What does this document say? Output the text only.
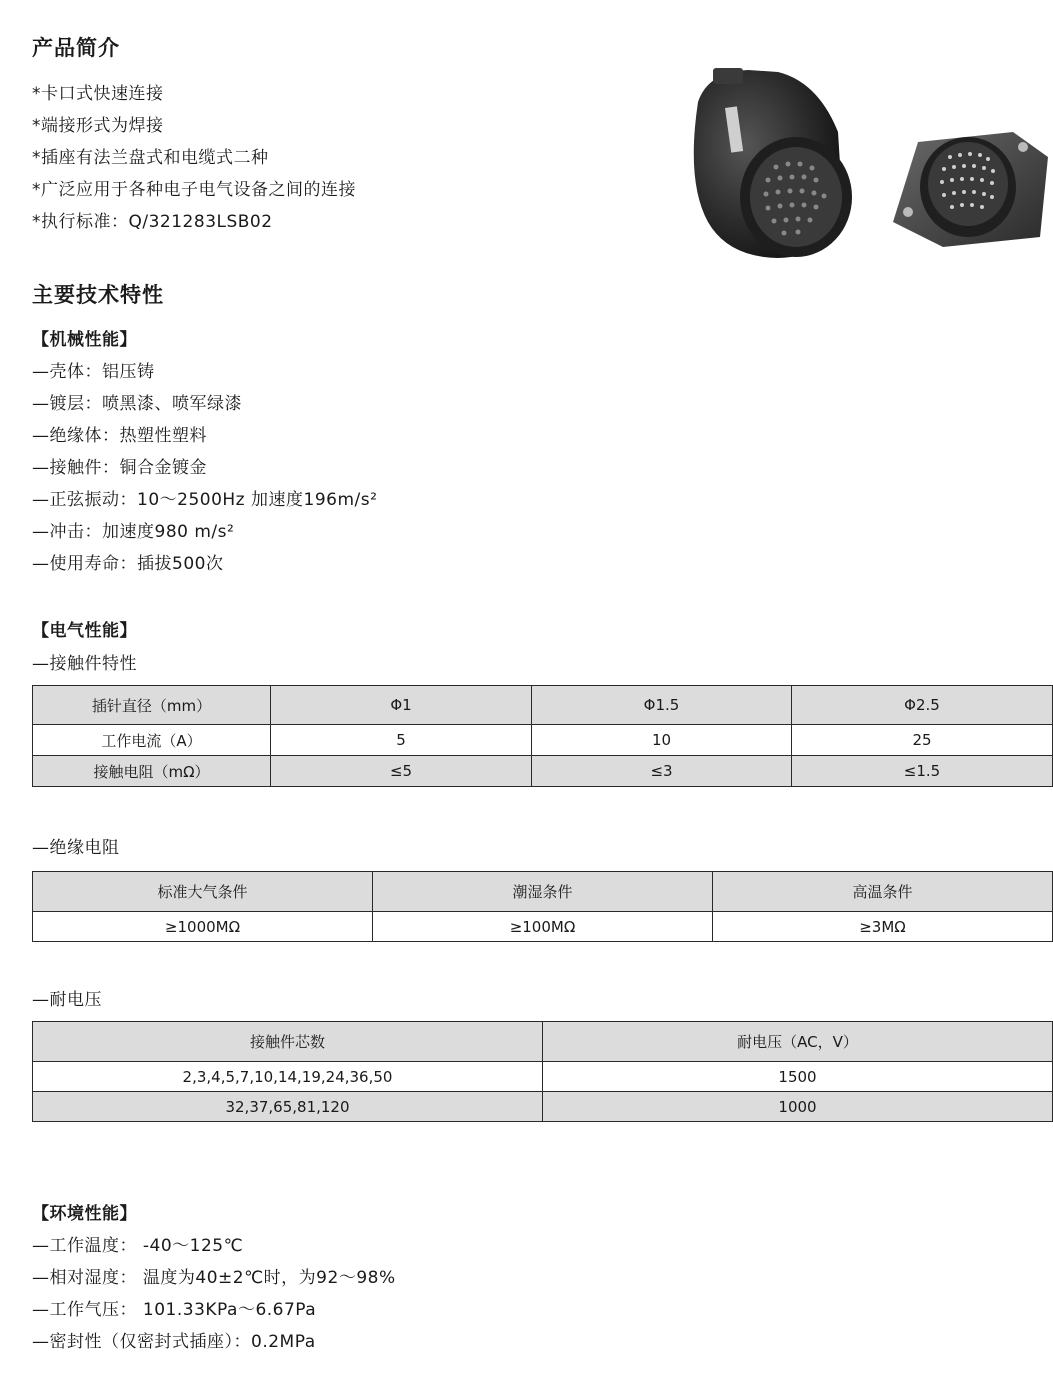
产品简介
*卡口式快速连接
*端接形式为焊接
*插座有法兰盘式和电缆式二种
*广泛应用于各种电子电气设备之间的连接
*执行标准：Q/321283LSB02
主要技术特性
【机械性能】
—壳体：铝压铸
—镀层：喷黑漆、喷军绿漆
—绝缘体：热塑性塑料
—接触件：铜合金镀金
—正弦振动：10～2500Hz 加速度196m/s²
—冲击：加速度980 m/s²
—使用寿命：插拔500次
【电气性能】
—接触件特性
插针直径（mm）	Φ1	Φ1.5	Φ2.5
工作电流（A）	5	10	25
接触电阻（mΩ）	≤5	≤3	≤1.5
—绝缘电阻
标准大气条件	潮湿条件	高温条件
≥1000MΩ	≥100MΩ	≥3MΩ
—耐电压
接触件芯数	耐电压（AC，V）
2,3,4,5,7,10,14,19,24,36,50	1500
32,37,65,81,120	1000
【环境性能】
—工作温度： -40～125℃
—相对湿度： 温度为40±2℃时，为92～98%
—工作气压： 101.33KPa～6.67Pa
—密封性（仅密封式插座）：0.2MPa
